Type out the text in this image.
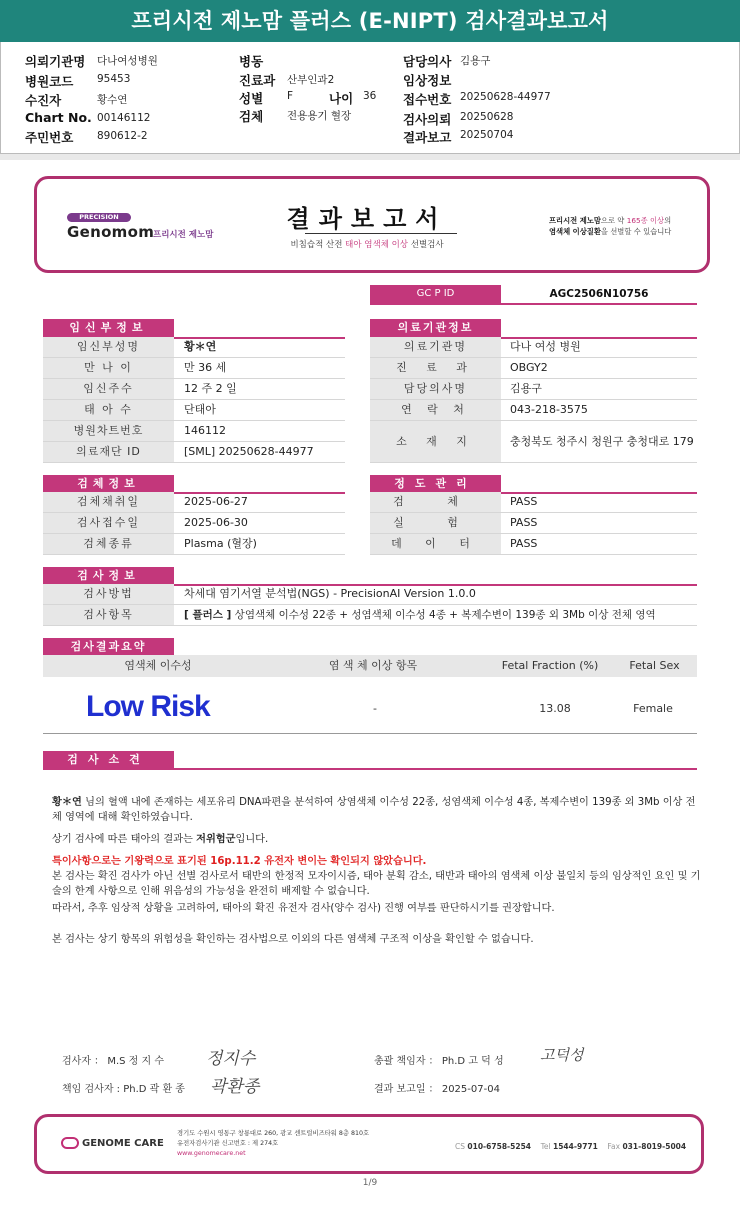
프리시전 제노맘 플러스 (E-NIPT) 검사결과보고서
의뢰기관명 다나여성병원
병원코드 95453
수진자	황수연
Chart No. 00146112
주민번호 890612-2
병동
진료과 산부인과2
성별 F	나이 36
검체 전용용기 혈장
담당의사 김용구
임상정보
접수번호 20250628-44977
검사의뢰 20250628
결과보고 20250704
PRECISION
Genomom
프리시전 제노맘
결과보고서
비침습적 산전 태아 염색체 이상 선별검사
프리시전 제노맘으로 약 165종 이상의
염색체 이상질환을 선별할 수 있습니다
GC P ID	AGC2506N10756
임신부정보
임신부성명	황＊연
만 나 이	만 36 세
임신주수	12 주 2 일
태 아 수	단태아
병원차트번호	146112
의료재단 ID	[SML] 20250628-44977
의료기관정보
의료기관명	다나 여성 병원
진 료 과	OBGY2
담당의사명	김용구
연 락 처	043-218-3575
소 재 지	충청북도 청주시 청원구 충청대로 179
검체정보
검체채취일	2025-06-27
검사접수일	2025-06-30
검체종류	Plasma (혈장)
정도관리
검 체	PASS
실 험	PASS
데 이 터	PASS
검사정보
검사방법	차세대 염기서열 분석법(NGS) - PrecisionAI Version 1.0.0
검사항목	[ 플러스 ] 상염색체 이수성 22종 + 성염색체 이수성 4종 + 복제수변이 139종 외 3Mb 이상 전체 영역
검사결과요약
염색체 이수성	염 색 체 이상 항목	Fetal Fraction (%)	Fetal Sex
Low Risk	-	13.08	Female
검사소견
황＊연 님의 혈액 내에 존재하는 세포유리 DNA파편을 분석하여 상염색체 이수성 22종, 성염색체 이수성 4종, 복제수변이 139종 외 3Mb 이상 전체 영역에 대해 확인하였습니다.
상기 검사에 따른 태아의 결과는 저위험군입니다.
특이사항으로는 기왕력으로 표기된 16p.11.2 유전자 변이는 확인되지 않았습니다.
본 검사는 확진 검사가 아닌 선별 검사로서 태반의 한정적 모자이시즘, 태아 분획 감소, 태반과 태아의 염색체 이상 불일치 등의 임상적인 요인 및 기술의 한계 사항으로 인해 위음성의 가능성을 완전히 배제할 수 없습니다.
따라서, 추후 임상적 상황을 고려하여, 태아의 확진 유전자 검사(양수 검사) 진행 여부를 판단하시기를 권장합니다.
본 검사는 상기 항목의 위험성을 확인하는 검사법으로 이외의 다른 염색체 구조적 이상을 확인할 수 없습니다.
검사자 ： M.S 정 지 수 정지수
책임 검사자 : Ph.D 곽 환 종 곽환종
총괄 책임자 ： Ph.D 고 덕 성 고덕성
결과 보고일 ： 2025-07-04
GENOME CARE
경기도 수원시 영통구 창룡대로 260, 광교 센트럴비즈타워 8층 810호
유전자검사기관 신고번호 : 제 274호
www.genomecare.net
CS 010-6758-5254 Tel 1544-9771 Fax 031-8019-5004
1/9
